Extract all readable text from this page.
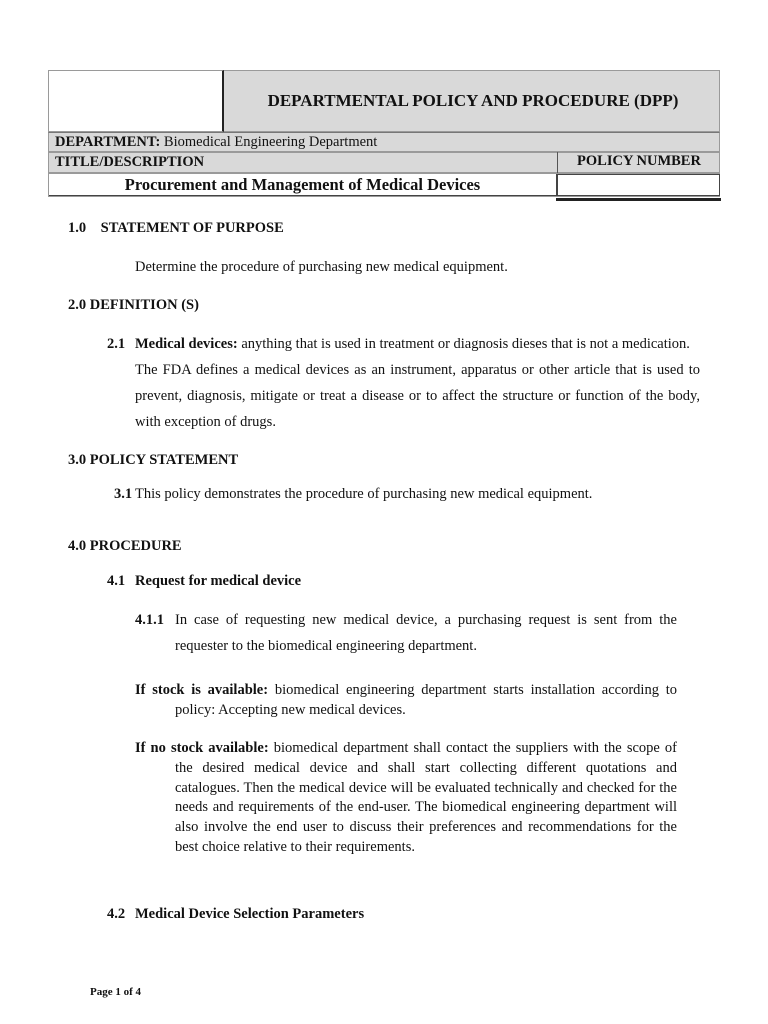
DEPARTMENTAL POLICY AND PROCEDURE (DPP)
DEPARTMENT: Biomedical Engineering Department
TITLE/DESCRIPTION	POLICY NUMBER
Procurement and Management of Medical Devices
1.0    STATEMENT OF PURPOSE
Determine the procedure of purchasing new medical equipment.
2.0 DEFINITION (S)
2.1 Medical devices: anything that is used in treatment or diagnosis dieses that is not a medication.
The FDA defines a medical devices as an instrument, apparatus or other article that is used to prevent, diagnosis, mitigate or treat a disease or to affect the structure or function of the body, with exception of drugs.
3.0 POLICY STATEMENT
3.1 This policy demonstrates the procedure of purchasing new medical equipment.
4.0 PROCEDURE
4.1 Request for medical device
4.1.1 In case of requesting new medical device, a purchasing request is sent from the requester to the biomedical engineering department.
If stock is available: biomedical engineering department starts installation according to policy: Accepting new medical devices.
If no stock available: biomedical department shall contact the suppliers with the scope of the desired medical device and shall start collecting different quotations and catalogues. Then the medical device will be evaluated technically and checked for the needs and requirements of the end-user. The biomedical engineering department will also involve the end user to discuss their preferences and recommendations for the best choice relative to their requirements.
4.2 Medical Device Selection Parameters
Page 1 of 4
